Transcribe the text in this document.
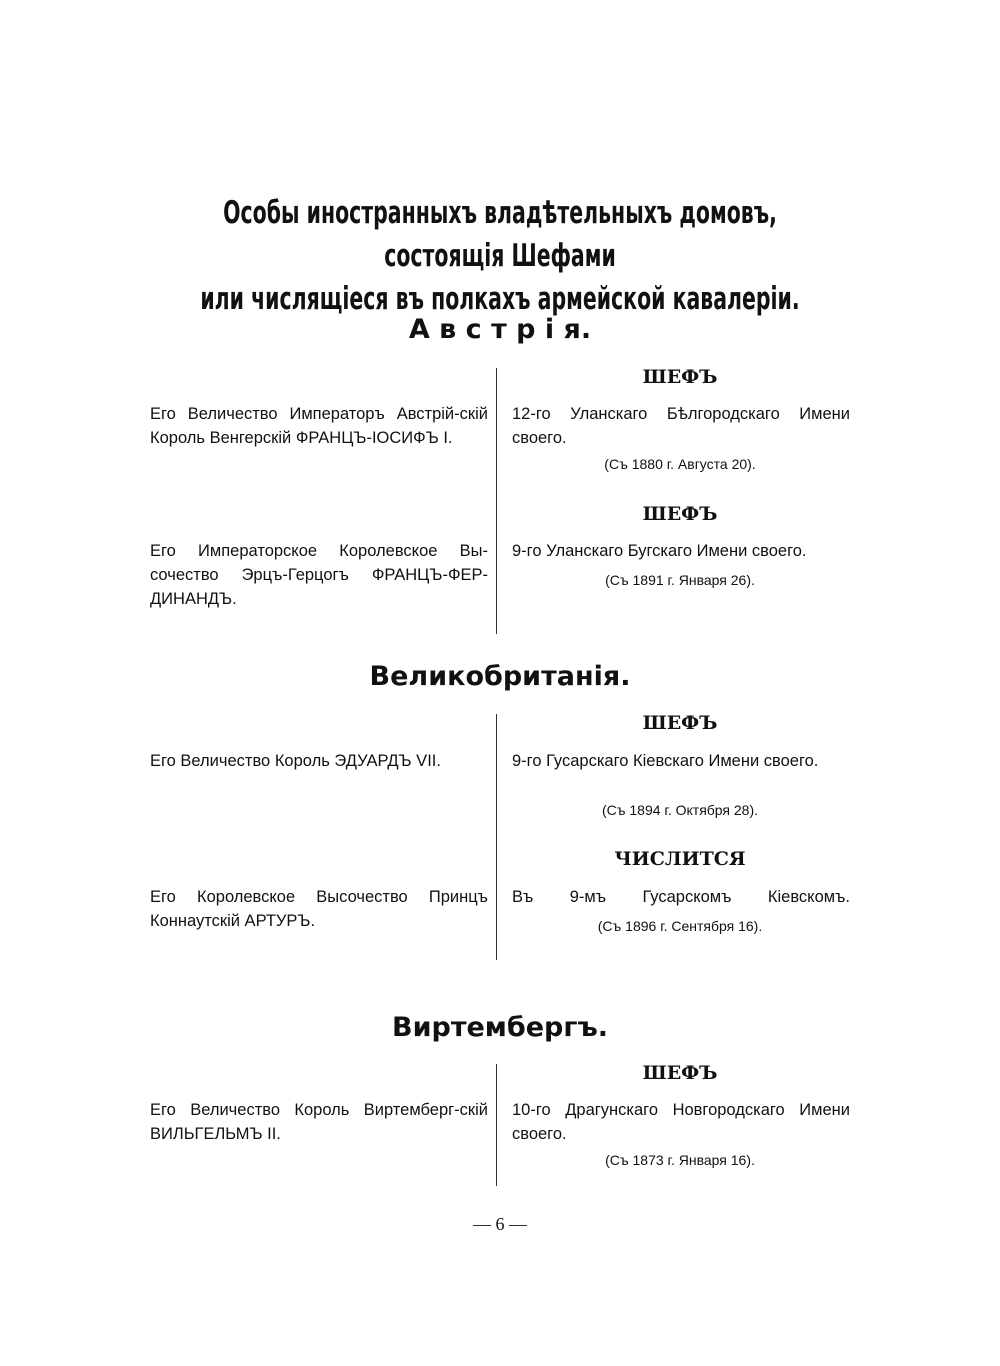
Особы иностранныхъ владѣтельныхъ домовъ, состоящія Шефами
или числящіеся въ полкахъ армейской кавалеріи.
А в с т р і я.
ШЕФЪ
Его Величество Императоръ Австрій-скій Король Венгерскій ФРАНЦЪ-ІОСИФЪ I.
12-го Уланскаго Бѣлгородскаго Имени своего.
(Съ 1880 г. Августа 20).
ШЕФЪ
Его Императорское Королевское Вы-сочество Эрцъ-Герцогъ ФРАНЦЪ-ФЕР-ДИНАНДЪ.
9-го Уланскаго Бугскаго Имени своего.
(Съ 1891 г. Января 26).
Великобританія.
ШЕФЪ
Его Величество Король ЭДУАРДЪ VII.	9-го Гусарскаго Кіевскаго Имени своего.
(Съ 1894 г. Октября 28).
ЧИСЛИТСЯ
Его Королевское Высочество Принцъ Коннаутскій АРТУРЪ.
Въ 9-мъ Гусарскомъ Кіевскомъ.
(Съ 1896 г. Сентября 16).
Виртембергъ.
ШЕФЪ
Его Величество Король Виртемберг-скій ВИЛЬГЕЛЬМЪ II.
10-го Драгунскаго Новгородскаго Имени своего.
(Съ 1873 г. Января 16).
— 6 —
